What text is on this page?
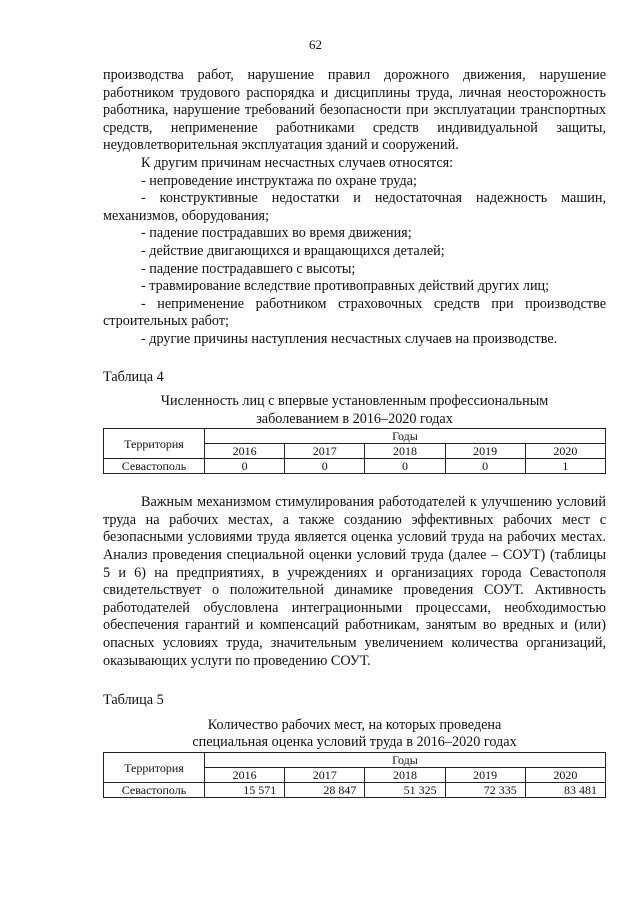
62

производства работ, нарушение правил дорожного движения, нарушение работником трудового распорядка и дисциплины труда, личная неосторожность работника, нарушение требований безопасности при эксплуатации транспортных средств, неприменение работниками средств индивидуальной защиты, неудовлетворительная эксплуатация зданий и сооружений.

К другим причинам несчастных случаев относятся:

- непроведение инструктажа по охране труда;

- конструктивные недостатки и недостаточная надежность машин, механизмов, оборудования;

- падение пострадавших во время движения;

- действие двигающихся и вращающихся деталей;

- падение пострадавшего с высоты;

- травмирование вследствие противоправных действий других лиц;

- неприменение работником страховочных средств при производстве строительных работ;

- другие причины наступления несчастных случаев на производстве.

Таблица 4

Численность лиц с впервые установленным профессиональным
заболеванием в 2016–2020 годах
Территория	Годы				
	2016	2017	2018	2019	2020
Севастополь	0	0	0	0	1

Важным механизмом стимулирования работодателей к улучшению условий труда на рабочих местах, а также созданию эффективных рабочих мест с безопасными условиями труда является оценка условий труда на рабочих местах. Анализ проведения специальной оценки условий труда (далее – СОУТ) (таблицы 5 и 6) на предприятиях, в учреждениях и организациях города Севастополя свидетельствует о положительной динамике проведения СОУТ. Активность работодателей обусловлена интеграционными процессами, необходимостью обеспечения гарантий и компенсаций работникам, занятым во вредных и (или) опасных условиях труда, значительным увеличением количества организаций, оказывающих услуги по проведению СОУТ.

Таблица 5

Количество рабочих мест, на которых проведена
специальная оценка условий труда в 2016–2020 годах
Территория	Годы				
	2016	2017	2018	2019	2020
Севастополь	15 571	28 847	51 325	72 335	83 481
